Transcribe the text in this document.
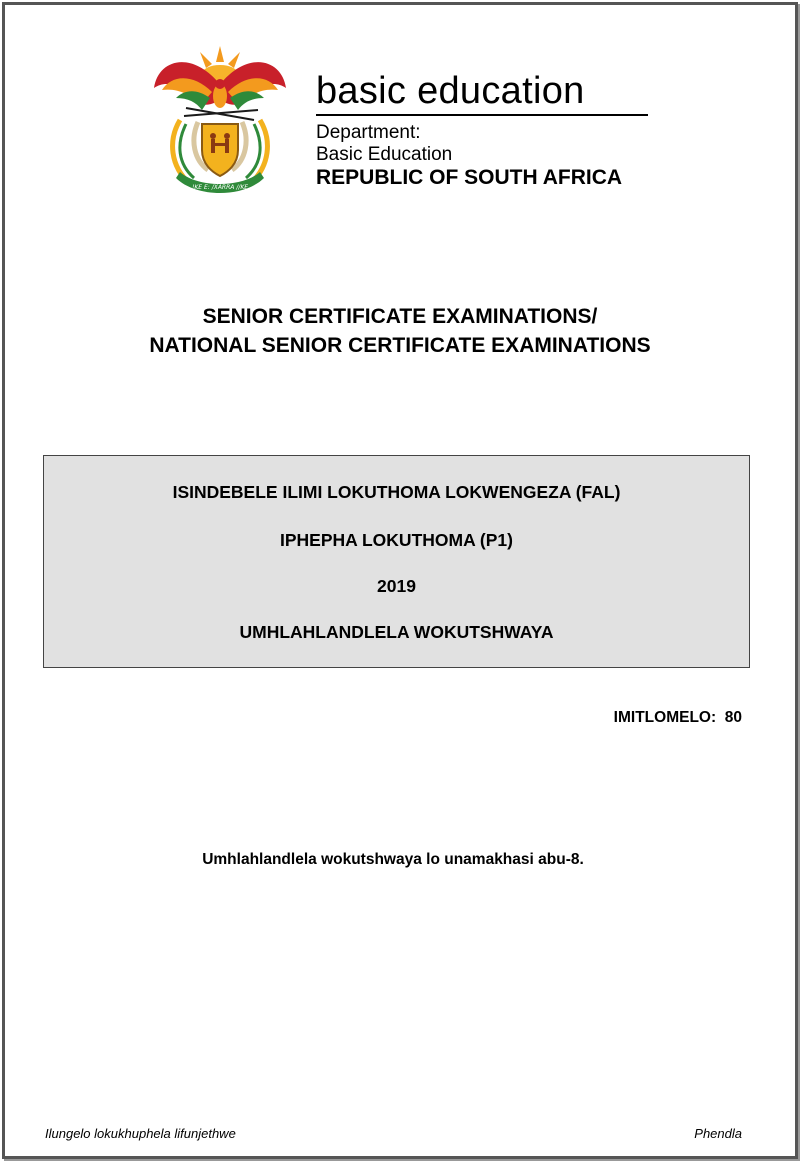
!KE E: /XARRA //KE
basic education
Department:
Basic Education
REPUBLIC OF SOUTH AFRICA
SENIOR CERTIFICATE EXAMINATIONS/
NATIONAL SENIOR CERTIFICATE EXAMINATIONS
ISINDEBELE ILIMI LOKUTHOMA LOKWENGEZA (FAL)
IPHEPHA LOKUTHOMA (P1)
2019
UMHLAHLANDLELA WOKUTSHWAYA
IMITLOMELO: 80
Umhlahlandlela wokutshwaya lo unamakhasi abu-8.
Ilungelo lokukhuphela lifunjethwe	Phendla
